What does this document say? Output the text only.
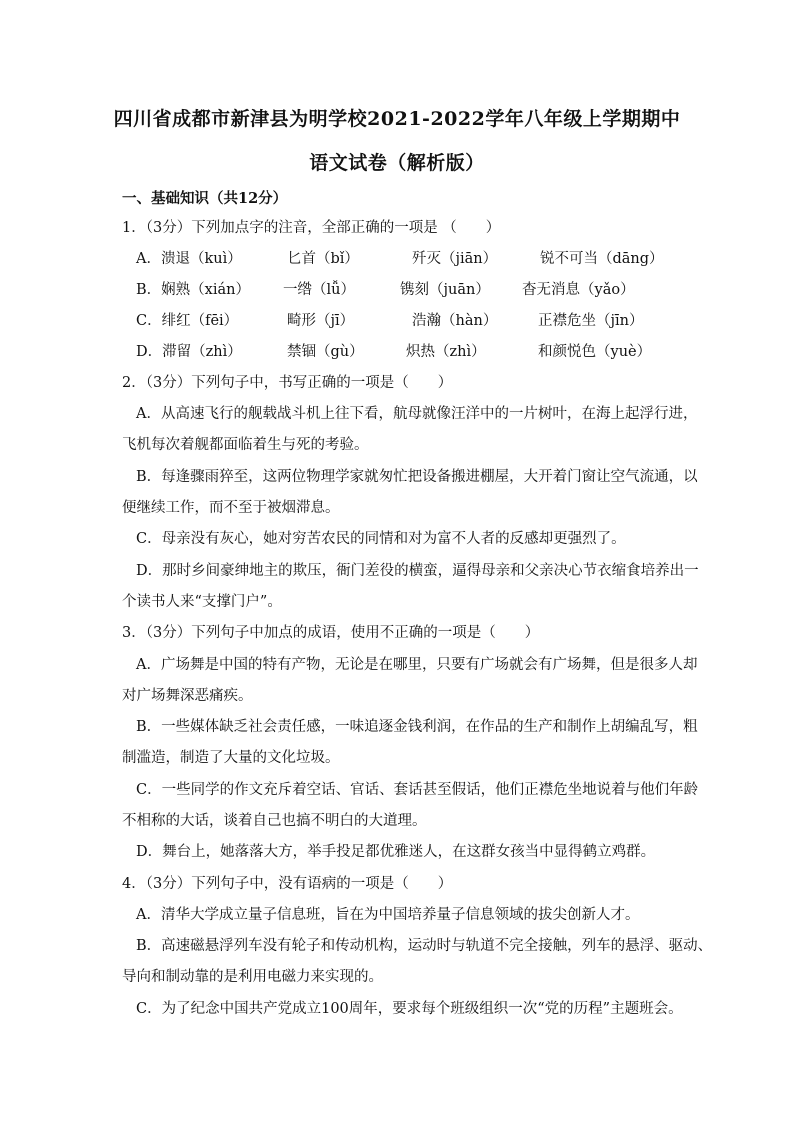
四川省成都市新津县为明学校2021-2022学年八年级上学期期中
语文试卷（解析版）
一、基础知识（共12分）
1．（3分）下列加点字的注音，全部正确的一项是 （　　）
A．溃退（kuì）	匕首（bǐ）	歼灭（jiān）	锐不可当（dāng）
B．娴熟（xián） 一绺（lǚ）	镌刻（juān） 杳无消息（yǎo）
C．绯红（fēi）	畸形（jī）	浩瀚（hàn）	正襟危坐（jīn）
D．滞留（zhì）	禁锢（gù）	炽热（zhì）	和颜悦色（yuè）
2．（3分）下列句子中，书写正确的一项是（　　）
A．从高速飞行的舰载战斗机上往下看，航母就像汪洋中的一片树叶，在海上起浮行进，
飞机每次着舰都面临着生与死的考验。
B．每逢骤雨猝至，这两位物理学家就匆忙把设备搬进棚屋，大开着门窗让空气流通，以
便继续工作，而不至于被烟滞息。
C．母亲没有灰心，她对穷苦农民的同情和对为富不人者的反感却更强烈了。
D．那时乡间豪绅地主的欺压，衙门差役的横蛮，逼得母亲和父亲决心节衣缩食培养出一
个读书人来“支撑门户”。
3．（3分）下列句子中加点的成语，使用不正确的一项是（　　）
A．广场舞是中国的特有产物，无论是在哪里，只要有广场就会有广场舞，但是很多人却
对广场舞深恶痛疾。
B．一些媒体缺乏社会责任感，一味追逐金钱利润，在作品的生产和制作上胡编乱写，粗
制滥造，制造了大量的文化垃圾。
C．一些同学的作文充斥着空话、官话、套话甚至假话，他们正襟危坐地说着与他们年龄
不相称的大话，谈着自己也搞不明白的大道理。
D．舞台上，她落落大方，举手投足都优雅迷人，在这群女孩当中显得鹤立鸡群。
4．（3分）下列句子中，没有语病的一项是（　　）
A．清华大学成立量子信息班，旨在为中国培养量子信息领域的拔尖创新人才。
B．高速磁悬浮列车没有轮子和传动机构，运动时与轨道不完全接触，列车的悬浮、驱动、
导向和制动靠的是利用电磁力来实现的。
C．为了纪念中国共产党成立100周年，要求每个班级组织一次“党的历程”主题班会。
